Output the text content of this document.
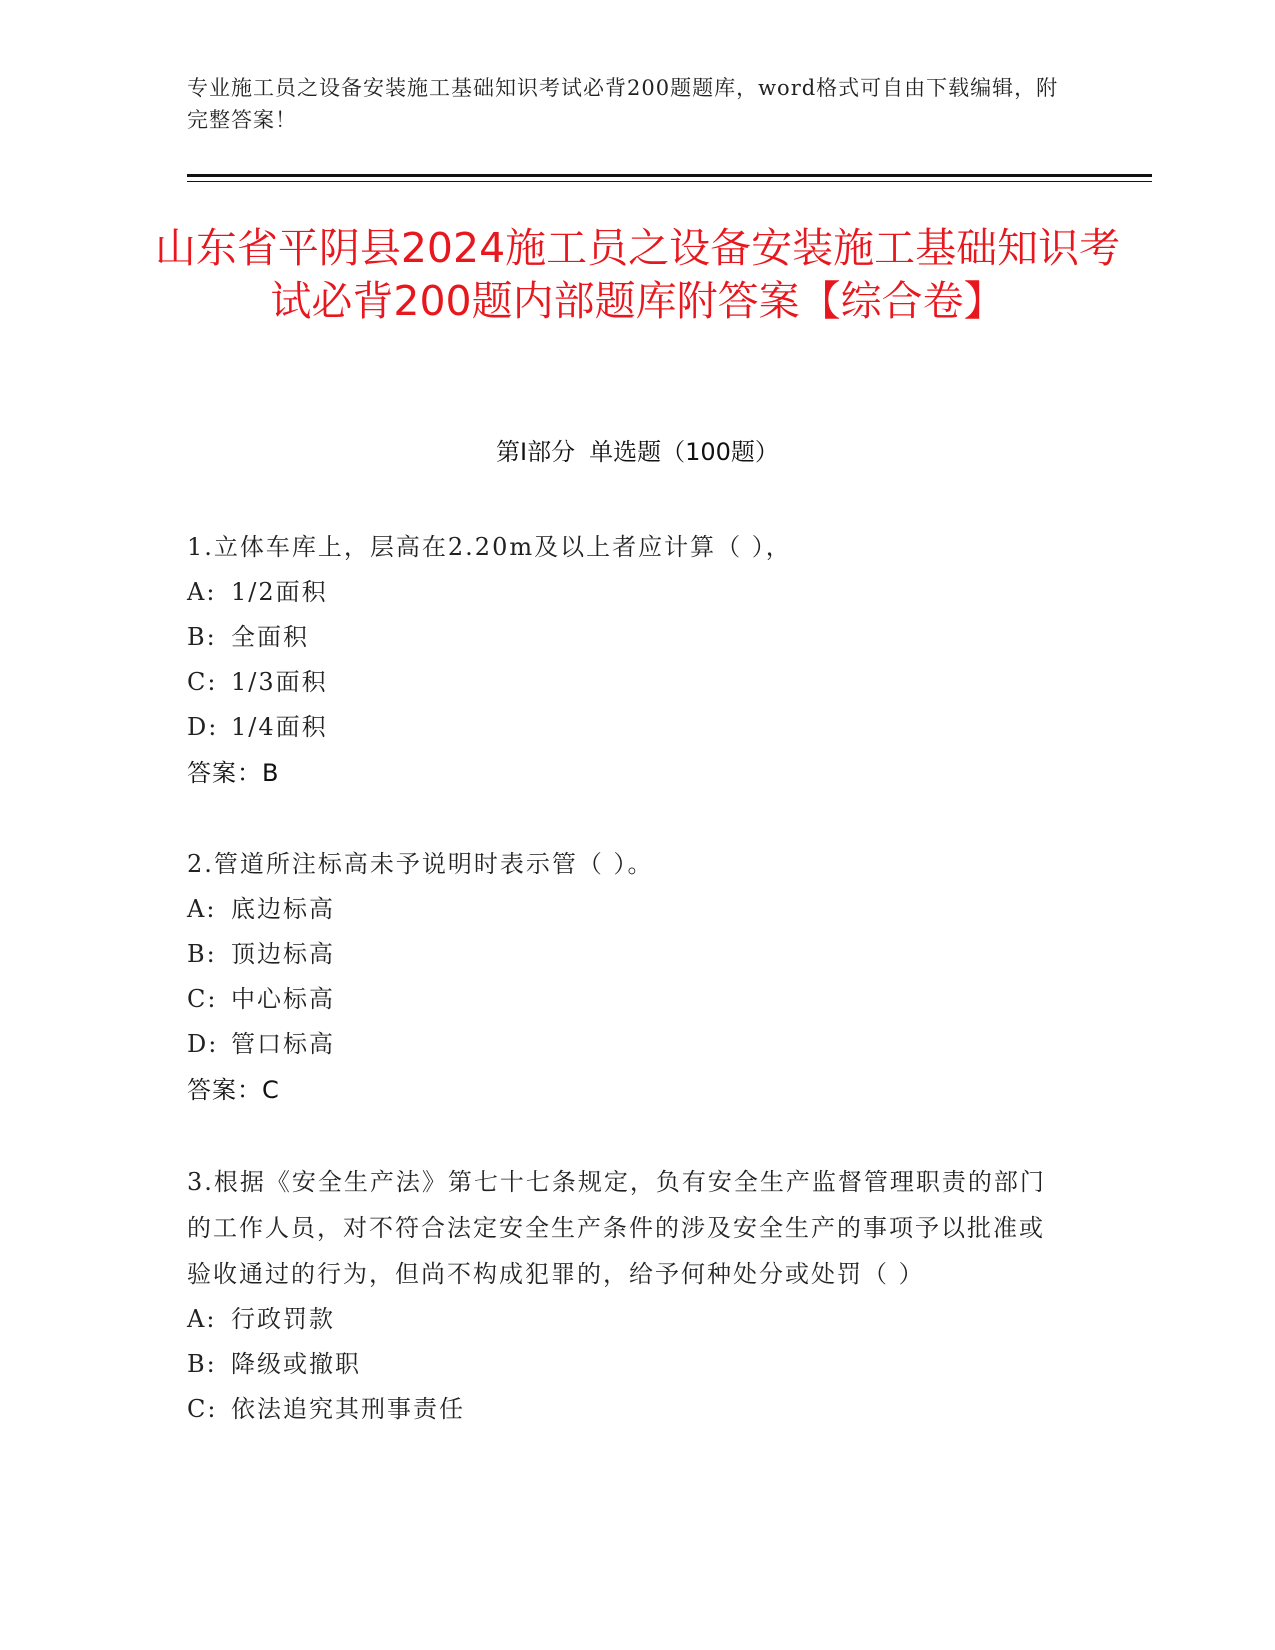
专业施工员之设备安装施工基础知识考试必背200题题库，word格式可自由下载编辑，附完整答案！
山东省平阴县2024施工员之设备安装施工基础知识考试必背200题内部题库附答案【综合卷】
第I部分 单选题（100题）
1.立体车库上，层高在2.20m及以上者应计算（ ），
A: 1/2面积
B: 全面积
C: 1/3面积
D: 1/4面积
答案：B
2.管道所注标高未予说明时表示管（ ）。
A: 底边标高
B: 顶边标高
C: 中心标高
D: 管口标高
答案：C
3.根据《安全生产法》第七十七条规定，负有安全生产监督管理职责的部门的工作人员，对不符合法定安全生产条件的涉及安全生产的事项予以批准或验收通过的行为，但尚不构成犯罪的，给予何种处分或处罚（ ）
A: 行政罚款
B: 降级或撤职
C: 依法追究其刑事责任
